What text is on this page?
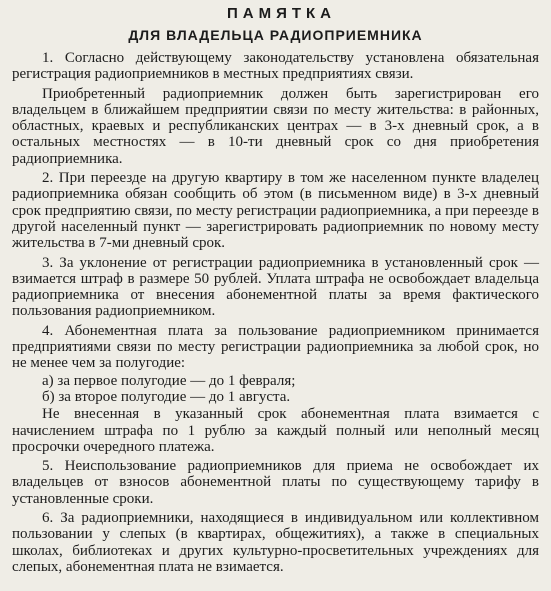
ПАМЯТКА
ДЛЯ ВЛАДЕЛЬЦА РАДИОПРИЕМНИКА

1. Согласно действующему законодательству установлена обязательная регистрация радиоприемников в местных предприятиях связи.

Приобретенный радиоприемник должен быть зарегистрирован его владельцем в ближайшем предприятии связи по месту жительства: в районных, областных, краевых и республиканских центрах — в 3-х дневный срок, а в остальных местностях — в 10-ти дневный срок со дня приобретения радиоприемника.

2. При переезде на другую квартиру в том же населенном пункте владелец радиоприемника обязан сообщить об этом (в письменном виде) в 3-х дневный срок предприятию связи, по месту регистрации радиоприемника, а при переезде в другой населенный пункт — зарегистрировать радиоприемник по новому месту жительства в 7-ми дневный срок.

3. За уклонение от регистрации радиоприемника в установленный срок — взимается штраф в размере 50 рублей. Уплата штрафа не освобождает владельца радиоприемника от внесения абонементной платы за время фактического пользования радиоприемником.

4. Абонементная плата за пользование радиоприемником принимается предприятиями связи по месту регистрации радиоприемника за любой срок, но не менее чем за полугодие:

а) за первое полугодие — до 1 февраля;

б) за второе полугодие — до 1 августа.

Не внесенная в указанный срок абонементная плата взимается с начислением штрафа по 1 рублю за каждый полный или неполный месяц просрочки очередного платежа.

5. Неиспользование радиоприемников для приема не освобождает их владельцев от взносов абонементной платы по существующему тарифу в установленные сроки.

6. За радиоприемники, находящиеся в индивидуальном или коллективном пользовании у слепых (в квартирах, общежитиях), а также в специальных школах, библиотеках и других культурно-просветительных учреждениях для слепых, абонементная плата не взимается.
